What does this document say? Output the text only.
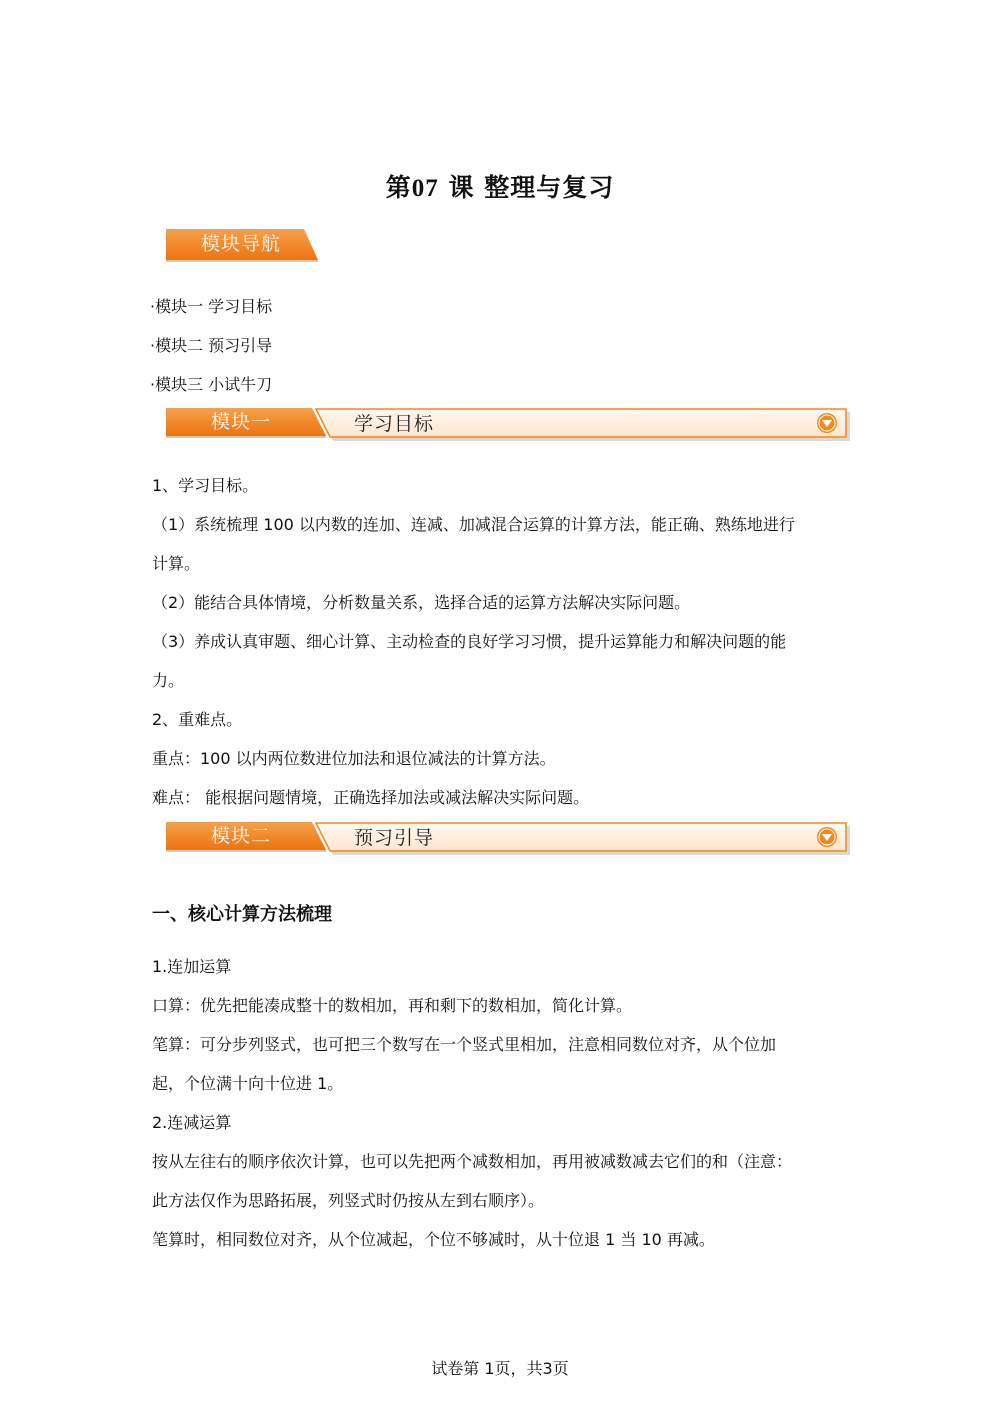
第07 课 整理与复习
模块导航
·模块一 学习目标
·模块二 预习引导
·模块三 小试牛刀
模块一	学习目标
1、学习目标。
（1）系统梳理 100 以内数的连加、连减、加减混合运算的计算方法，能正确、熟练地进行
计算。
（2）能结合具体情境，分析数量关系，选择合适的运算方法解决实际问题。
（3）养成认真审题、细心计算、主动检查的良好学习习惯，提升运算能力和解决问题的能
力。
2、重难点。
重点：100 以内两位数进位加法和退位减法的计算方法。
难点： 能根据问题情境，正确选择加法或减法解决实际问题。
模块二	预习引导
一、核心计算方法梳理
1.连加运算
口算：优先把能凑成整十的数相加，再和剩下的数相加，简化计算。
笔算：可分步列竖式，也可把三个数写在一个竖式里相加，注意相同数位对齐，从个位加
起，个位满十向十位进 1。
2.连减运算
按从左往右的顺序依次计算，也可以先把两个减数相加，再用被减数减去它们的和（注意：
此方法仅作为思路拓展，列竖式时仍按从左到右顺序）。
笔算时，相同数位对齐，从个位减起，个位不够减时，从十位退 1 当 10 再减。
试卷第 1页，共3页
